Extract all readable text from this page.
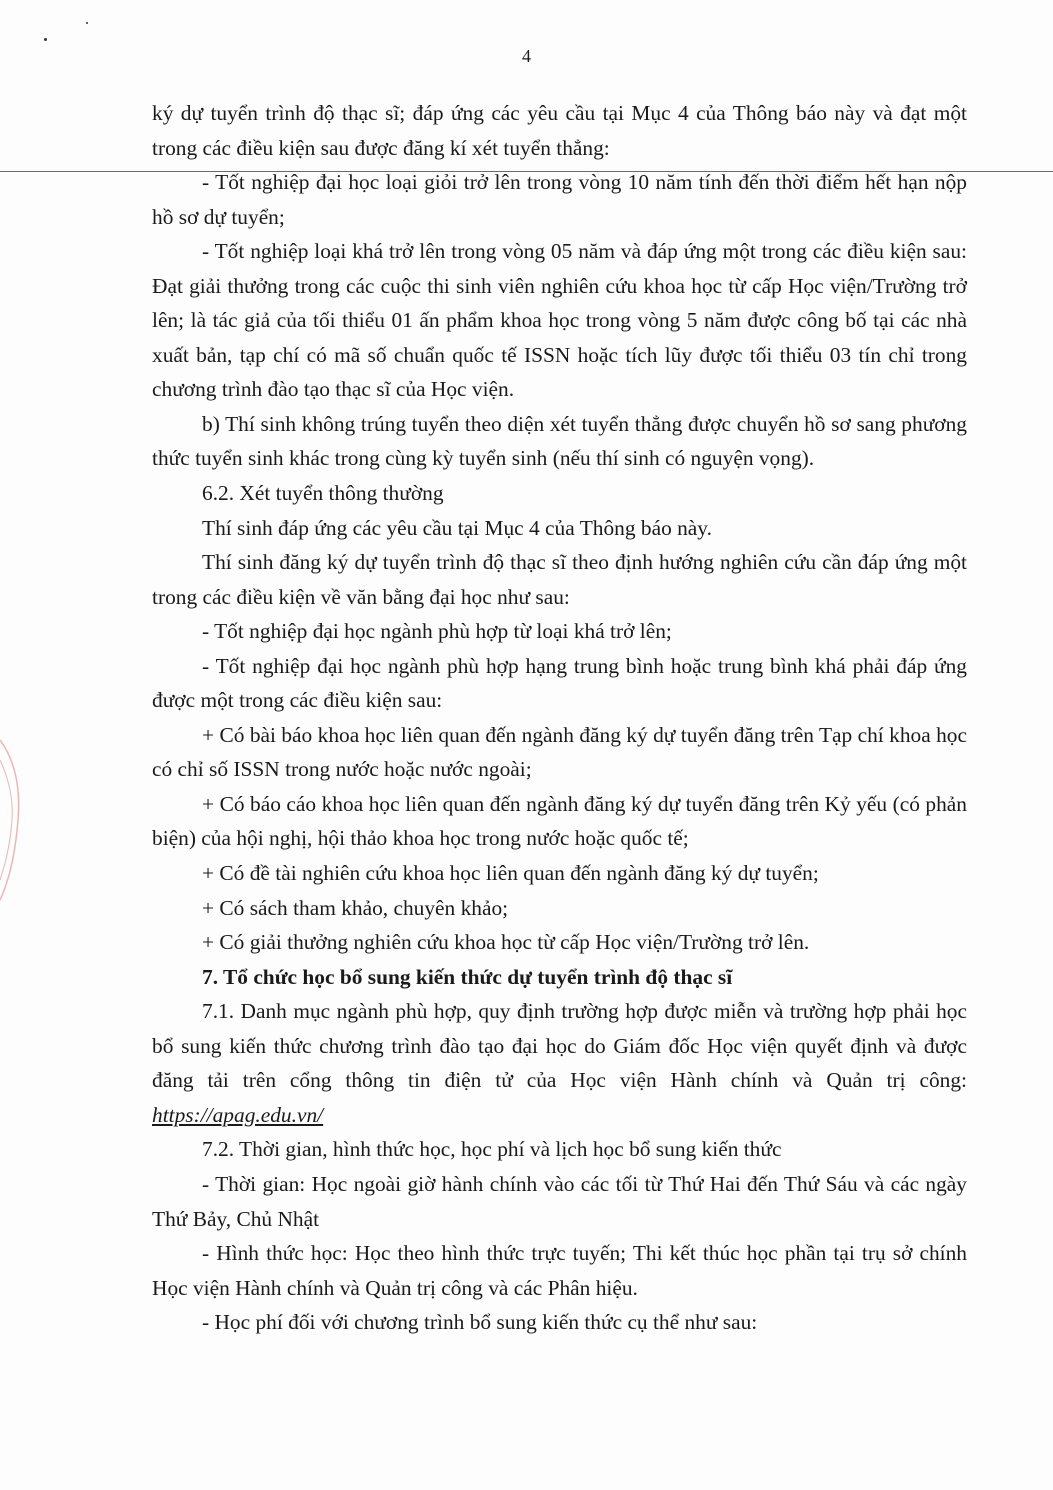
4

ký dự tuyển trình độ thạc sĩ; đáp ứng các yêu cầu tại Mục 4 của Thông báo này và đạt một trong các điều kiện sau được đăng kí xét tuyển thẳng:

- Tốt nghiệp đại học loại giỏi trở lên trong vòng 10 năm tính đến thời điểm hết hạn nộp hồ sơ dự tuyển;

- Tốt nghiệp loại khá trở lên trong vòng 05 năm và đáp ứng một trong các điều kiện sau: Đạt giải thưởng trong các cuộc thi sinh viên nghiên cứu khoa học từ cấp Học viện/Trường trở lên; là tác giả của tối thiểu 01 ấn phẩm khoa học trong vòng 5 năm được công bố tại các nhà xuất bản, tạp chí có mã số chuẩn quốc tế ISSN hoặc tích lũy được tối thiểu 03 tín chỉ trong chương trình đào tạo thạc sĩ của Học viện.

b) Thí sinh không trúng tuyển theo diện xét tuyển thẳng được chuyển hồ sơ sang phương thức tuyển sinh khác trong cùng kỳ tuyển sinh (nếu thí sinh có nguyện vọng).

6.2. Xét tuyển thông thường

Thí sinh đáp ứng các yêu cầu tại Mục 4 của Thông báo này.

Thí sinh đăng ký dự tuyển trình độ thạc sĩ theo định hướng nghiên cứu cần đáp ứng một trong các điều kiện về văn bằng đại học như sau:

- Tốt nghiệp đại học ngành phù hợp từ loại khá trở lên;

- Tốt nghiệp đại học ngành phù hợp hạng trung bình hoặc trung bình khá phải đáp ứng được một trong các điều kiện sau:

+ Có bài báo khoa học liên quan đến ngành đăng ký dự tuyển đăng trên Tạp chí khoa học có chỉ số ISSN trong nước hoặc nước ngoài;

+ Có báo cáo khoa học liên quan đến ngành đăng ký dự tuyển đăng trên Kỷ yếu (có phản biện) của hội nghị, hội thảo khoa học trong nước hoặc quốc tế;

+ Có đề tài nghiên cứu khoa học liên quan đến ngành đăng ký dự tuyển;

+ Có sách tham khảo, chuyên khảo;

+ Có giải thưởng nghiên cứu khoa học từ cấp Học viện/Trường trở lên.

7. Tổ chức học bổ sung kiến thức dự tuyển trình độ thạc sĩ

7.1. Danh mục ngành phù hợp, quy định trường hợp được miễn và trường hợp phải học bổ sung kiến thức chương trình đào tạo đại học do Giám đốc Học viện quyết định và được đăng tải trên cổng thông tin điện tử của Học viện Hành chính và Quản trị công: https://apag.edu.vn/

7.2. Thời gian, hình thức học, học phí và lịch học bổ sung kiến thức

- Thời gian: Học ngoài giờ hành chính vào các tối từ Thứ Hai đến Thứ Sáu và các ngày Thứ Bảy, Chủ Nhật

- Hình thức học: Học theo hình thức trực tuyến; Thi kết thúc học phần tại trụ sở chính Học viện Hành chính và Quản trị công và các Phân hiệu.

- Học phí đối với chương trình bổ sung kiến thức cụ thể như sau:
